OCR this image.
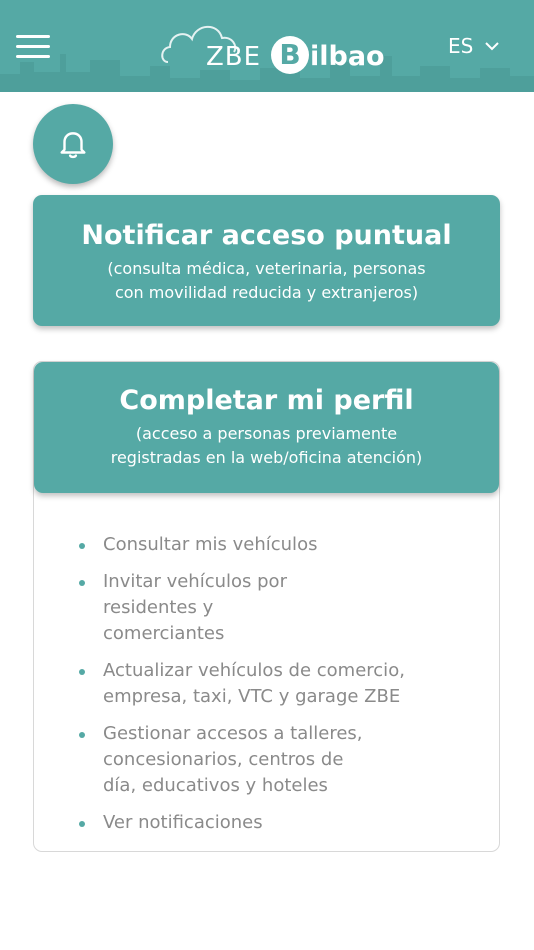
ZBE B ilbao	ES
Notificar acceso puntual
(consulta médica, veterinaria, personas
con movilidad reducida y extranjeros)
Completar mi perfil
(acceso a personas previamente
registradas en la web/oficina atención)
Consultar mis vehículos
Invitar vehículos por residentes y comerciantes
Actualizar vehículos de comercio, empresa, taxi, VTC y garage ZBE
Gestionar accesos a talleres, concesionarios, centros de día, educativos y hoteles
Ver notificaciones
